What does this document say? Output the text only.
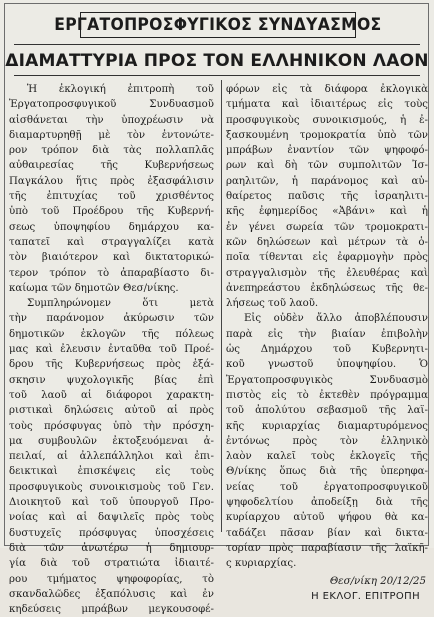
ΕΡΓΑΤΟΠΡΟΣΦΥΓΙΚΟΣ ΣΥΝΔΥΑΣΜΟΣ
ΔΙΑΜΑΤΤΥΡΙΑ ΠΡΟΣ ΤΟΝ ΕΛΛΗΝΙΚΟΝ ΛΑΟΝ
Ἡ ἐκλογική ἐπιτροπὴ τοῦ
Ἐργατοπροσφυγικοῦ Συνδυασμοῦ
αἰσθάνεται τὴν ὑποχρέωσιν νὰ
διαμαρτυρηθῇ μὲ τὸν ἐντονώτε-
ρον τρόπον διὰ τὰς πολλαπλᾶς
αὐθαιρεσίας τῆς Κυβερνήσεως
Παγκάλου ἥτις πρὸς ἐξασφάλισιν
τῆς ἐπιτυχίας τοῦ χρισθέντος
ὑπὸ τοῦ Προέδρου τῆς Κυβερνή-
σεως ὑποψηφίου δημάρχου κα-
ταπατεῖ καὶ στραγγαλίζει κατὰ
τὸν βιαιότερον καὶ δικτατορικώ-
τερον τρόπον τὸ ἀπαραβίαστο δι-
καίωμα τῶν δημοτῶν Θεσ/νίκης.
Συμπληρώνομεν ὅτι μετὰ
τὴν παράνομον ἀκύρωσιν τῶν
δημοτικῶν ἐκλογῶν τῆς πόλεως
μας καὶ ἐλευσιν ἐνταῦθα τοῦ Προέ-
δρου τῆς Κυβερνήσεως πρὸς ἐξά-
σκησιν ψυχολογικῆς βίας ἐπὶ
τοῦ λαοῦ αἱ διάφοροι χαρακτη-
ριστικαὶ δηλώσεις αὐτοῦ αἱ πρὸς
τοὺς πρόσφυγας ὑπὸ τὴν πρόσχη-
μα συμβουλῶν ἐκτοξευόμεναι ἀ-
πειλαί, αἱ ἀλλεπάλληλοι καὶ ἐπι-
δεικτικαὶ ἐπισκέψεις εἰς τοὺς
προσφυγικοὺς συνοικισμοὺς τοῦ Γεν.
Διοικητοῦ καὶ τοῦ ὑπουργοῦ Προ-
νοίας καὶ αἱ δαψιλεῖς πρὸς τοὺς
δυστυχεῖς πρόσφυγας ὑποσχέσεις
διὰ τῶν ἀνωτέρω ἡ δημιουρ-
γία διὰ τοῦ στρατιώτα ἰδιαιτέ-
ρου τμήματος ψηφοφορίας, τὸ
σκανδαλῶδες ἐξαπόλυσις καὶ ἐν
κηδεύσεις μπράβων μεγκουσοφέ-
φόρων εἰς τὰ διάφορα ἐκλογικὰ
τμήματα καὶ ἰδιαιτέρως εἰς τοὺς
προσφυγικοὺς συνοικισμούς, ἡ ἐ-
ξασκουμένη τρομοκρατία ὑπὸ τῶν
μπράβων ἐναντίον τῶν ψηφοφό-
ρων καὶ δὴ τῶν συμπολιτῶν Ἰσ-
ραηλιτῶν, ἡ παράνομος καὶ αὐ-
θαίρετος παῦσις τῆς ἰσραηλιτι-
κῆς ἐφημερίδος «Ἀβάνι» καὶ ἡ
ἐν γένει σωρεία τῶν τρομοκρατι-
κῶν δηλώσεων καὶ μέτρων τὰ ὁ-
ποῖα τίθενται εἰς ἐφαρμογὴν πρὸς
στραγγαλισμὸν τῆς ἐλευθέρας καὶ
ἀνεπηρεάστου ἐκδηλώσεως τῆς θε-
λήσεως τοῦ λαοῦ.
Εἰς οὐδὲν ἄλλο ἀποβλέπουσιν
παρὰ εἰς τὴν βιαίαν ἐπιβολὴν
ὡς Δημάρχου τοῦ Κυβερνητι-
κοῦ γνωστοῦ ὑποψηφίου. Ὁ
Ἐργατοπροσφυγικὸς Συνδυασμὸ
πιστὸς εἰς τὸ ἐκτεθὲν πρόγραμμα
τοῦ ἀπολύτου σεβασμοῦ τῆς λαϊ-
κῆς κυριαρχίας διαμαρτυρόμενος
ἐντόνως πρὸς τὸν ἑλληνικὸ
λαὸν καλεῖ τοὺς ἐκλογεῖς τῆς
Θ/νίκης ὅπως διὰ τῆς ὑπερηφα-
νείας τοῦ ἐργατοπροσφυγικοῦ
ψηφοδελτίου ἀποδείξῃ διὰ τῆς
κυρίαρχου αὐτοῦ ψήφου θὰ κα-
ταδάζει πᾶσαν βίαν καὶ δικτα-
τορίαν πρὸς παραβίασιν τῆς λαϊκῆ-
ς κυριαρχίας.
Θεσ/νίκη 20/12/25
Η ΕΚΛΟΓ. ΕΠΙΤΡΟΠΗ
